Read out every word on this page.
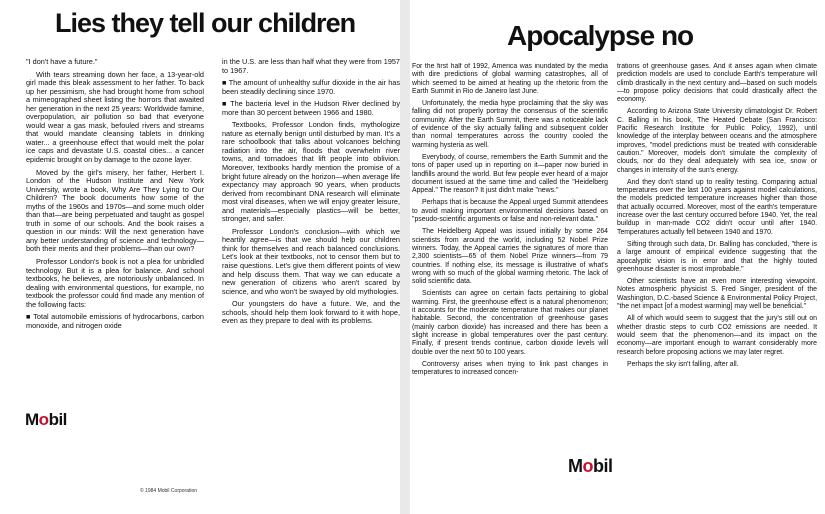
Lies they tell our children

"I don't have a future."

With tears streaming down her face, a 13-year-old girl made this bleak assessment to her father. To back up her pessimism, she had brought home from school a mimeographed sheet listing the horrors that awaited her generation in the next 25 years: Worldwide famine, overpopulation, air pollution so bad that everyone would wear a gas mask, befouled rivers and streams that would mandate cleansing tablets in drinking water... a greenhouse effect that would melt the polar ice caps and devastate U.S. coastal cities... a cancer epidemic brought on by damage to the ozone layer.

Moved by the girl's misery, her father, Herbert I. London of the Hudson Institute and New York University, wrote a book, Why Are They Lying to Our Children? The book documents how some of the myths of the 1960s and 1970s—and some much older than that—are being perpetuated and taught as gospel truth in some of our schools. And the book raises a question in our minds: Will the next generation have any better understanding of science and technology—both their merits and their problems—than our own?

Professor London's book is not a plea for unbridled technology. But it is a plea for balance. And school textbooks, he believes, are notoriously unbalanced. In dealing with environmental questions, for example, no textbook the professor could find made any mention of the following facts:

■ Total automobile emissions of hydrocarbons, carbon monoxide, and nitrogen oxide

in the U.S. are less than half what they were from 1957 to 1967.

■ The amount of unhealthy sulfur dioxide in the air has been steadily declining since 1970.

■ The bacteria level in the Hudson River declined by more than 30 percent between 1966 and 1980.

Textbooks, Professor London finds, mythologize nature as eternally benign until disturbed by man. It's a rare schoolbook that talks about volcanoes belching radiation into the air, floods that overwhelm river towns, and tornadoes that lift people into oblivion. Moreover, textbooks hardly mention the promise of a bright future already on the horizon—when average life expectancy may approach 90 years, when products derived from recombinant DNA research will eliminate most viral diseases, when we will enjoy greater leisure, and materials—especially plastics—will be better, stronger, and safer.

Professor London's conclusion—with which we heartily agree—is that we should help our children think for themselves and reach balanced conclusions. Let's look at their textbooks, not to censor them but to raise questions. Let's give them different points of view and help discuss them. That way we can educate a new generation of citizens who aren't scared by science, and who won't be swayed by old mythologies.

Our youngsters do have a future. We, and the schools, should help them look forward to it with hope, even as they prepare to deal with its problems.

Mobil
© 1984 Mobil Corporation
Apocalypse no

For the first half of 1992, America was inundated by the media with dire predictions of global warming catastrophes, all of which seemed to be aimed at heating up the rhetoric from the Earth Summit in Rio de Janeiro last June.

Unfortunately, the media hype proclaiming that the sky was falling did not properly portray the consensus of the scientific community. After the Earth Summit, there was a noticeable lack of evidence of the sky actually falling and subsequent colder than normal temperatures across the country cooled the warming hysteria as well.

Everybody, of course, remembers the Earth Summit and the tons of paper used up in reporting on it—paper now buried in landfills around the world. But few people ever heard of a major document issued at the same time and called the "Heidelberg Appeal." The reason? It just didn't make "news."

Perhaps that is because the Appeal urged Summit attendees to avoid making important environmental decisions based on "pseudo-scientific arguments or false and non-relevant data."

The Heidelberg Appeal was issued initially by some 264 scientists from around the world, including 52 Nobel Prize winners. Today, the Appeal carries the signatures of more than 2,300 scientists—65 of them Nobel Prize winners—from 79 countries. If nothing else, its message is illustrative of what's wrong with so much of the global warming rhetoric. The lack of solid scientific data.

Scientists can agree on certain facts pertaining to global warming. First, the greenhouse effect is a natural phenomenon; it accounts for the moderate temperature that makes our planet habitable. Second, the concentration of greenhouse gases (mainly carbon dioxide) has increased and there has been a slight increase in global temperatures over the past century. Finally, if present trends continue, carbon dioxide levels will double over the next 50 to 100 years.

Controversy arises when trying to link past changes in temperatures to increased concen-

trations of greenhouse gases. And it arises again when climate prediction models are used to conclude Earth's temperature will climb drastically in the next century and—based on such models—to propose policy decisions that could drastically affect the economy.

According to Arizona State University climatologist Dr. Robert C. Balling in his book, The Heated Debate (San Francisco: Pacific Research Institute for Public Policy, 1992), until knowledge of the interplay between oceans and the atmosphere improves, "model predictions must be treated with considerable caution." Moreover, models don't simulate the complexity of clouds, nor do they deal adequately with sea ice, snow or changes in intensity of the sun's energy.

And they don't stand up to reality testing. Comparing actual temperatures over the last 100 years against model calculations, the models predicted temperature increases higher than those that actually occurred. Moreover, most of the earth's temperature increase over the last century occurred before 1940. Yet, the real buildup in man-made CO2 didn't occur until after 1940. Temperatures actually fell between 1940 and 1970.

Sifting through such data, Dr. Balling has concluded, "there is a large amount of empirical evidence suggesting that the apocalyptic vision is in error and that the highly touted greenhouse disaster is most improbable."

Other scientists have an even more interesting viewpoint. Notes atmospheric physicist S. Fred Singer, president of the Washington, D.C.-based Science & Environmental Policy Project, "the net impact [of a modest warming] may well be beneficial."

All of which would seem to suggest that the jury's still out on whether drastic steps to curb CO2 emissions are needed. It would seem that the phenomenon—and its impact on the economy—are important enough to warrant considerably more research before proposing actions we may later regret.

Perhaps the sky isn't falling, after all.

Mobil
